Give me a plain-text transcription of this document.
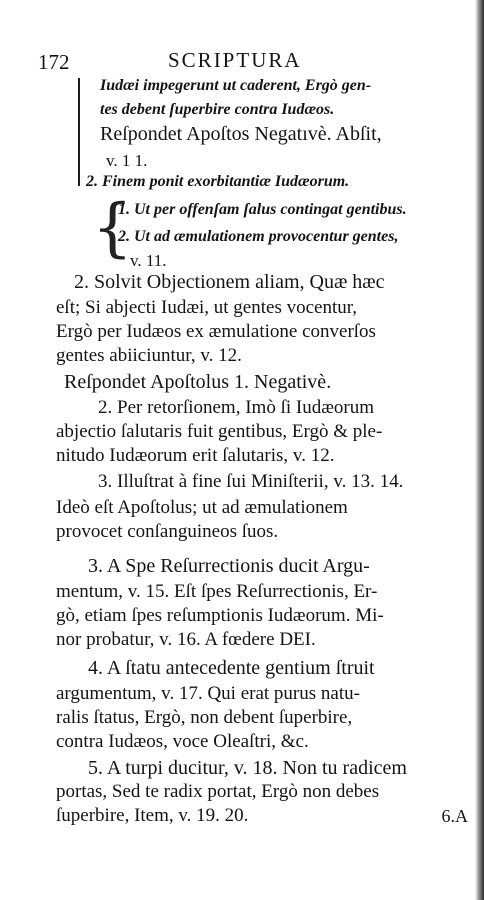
172	SCRIPTURA
Iudæi impegerunt ut caderent, Ergò gen-
tes debent ſuperbire contra Iudæos.
Reſpondet Apoſtos Negatıvè. Abſit,
v. 1 1.
2. Finem ponit exorbitantiæ Iudæorum.
{
1. Ut per offenſam ſalus contingat gentibus.
2. Ut ad æmulationem provocentur gentes,
v. 11.
2. Solvit Objectionem aliam, Quæ hæc
eſt; Si abjecti Iudæi, ut gentes vocentur,
Ergò per Iudæos ex æmulatione converſos
gentes abiiciuntur, v. 12.
Reſpondet Apoſtolus 1. Negativè.
2. Per retorſionem, Imò ſi Iudæorum
abjectio ſalutaris fuit gentibus, Ergò & ple-
nitudo Iudæorum erit ſalutaris, v. 12.
3. Illuſtrat à fine ſui Miniſterii, v. 13. 14.
Ideò eſt Apoſtolus; ut ad æmulationem
provocet conſanguineos ſuos.
3. A Spe Reſurrectionis ducit Argu-
mentum, v. 15. Eſt ſpes Reſurrectionis, Er-
gò, etiam ſpes reſumptionis Iudæorum. Mi-
nor probatur, v. 16. A fœdere DEI.
4. A ſtatu antecedente gentium ſtruit
argumentum, v. 17. Qui erat purus natu-
ralis ſtatus, Ergò, non debent ſuperbire,
contra Iudæos, voce Oleaſtri, &c.
5. A turpi ducitur, v. 18. Non tu radicem
portas, Sed te radix portat, Ergò non debes
ſuperbire, Item, v. 19. 20.	6.A
